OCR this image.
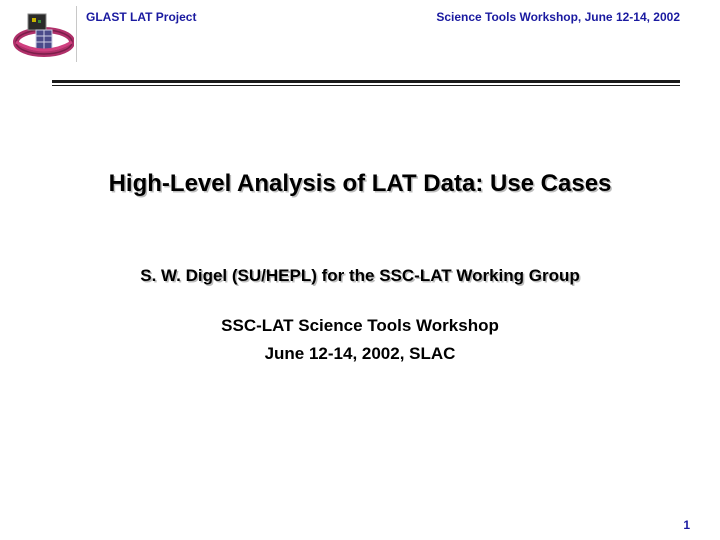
GLAST LAT Project	Science Tools Workshop, June 12-14, 2002
High-Level Analysis of LAT Data: Use Cases
S. W. Digel (SU/HEPL) for the SSC-LAT Working Group
SSC-LAT Science Tools Workshop
June 12-14, 2002, SLAC
1
